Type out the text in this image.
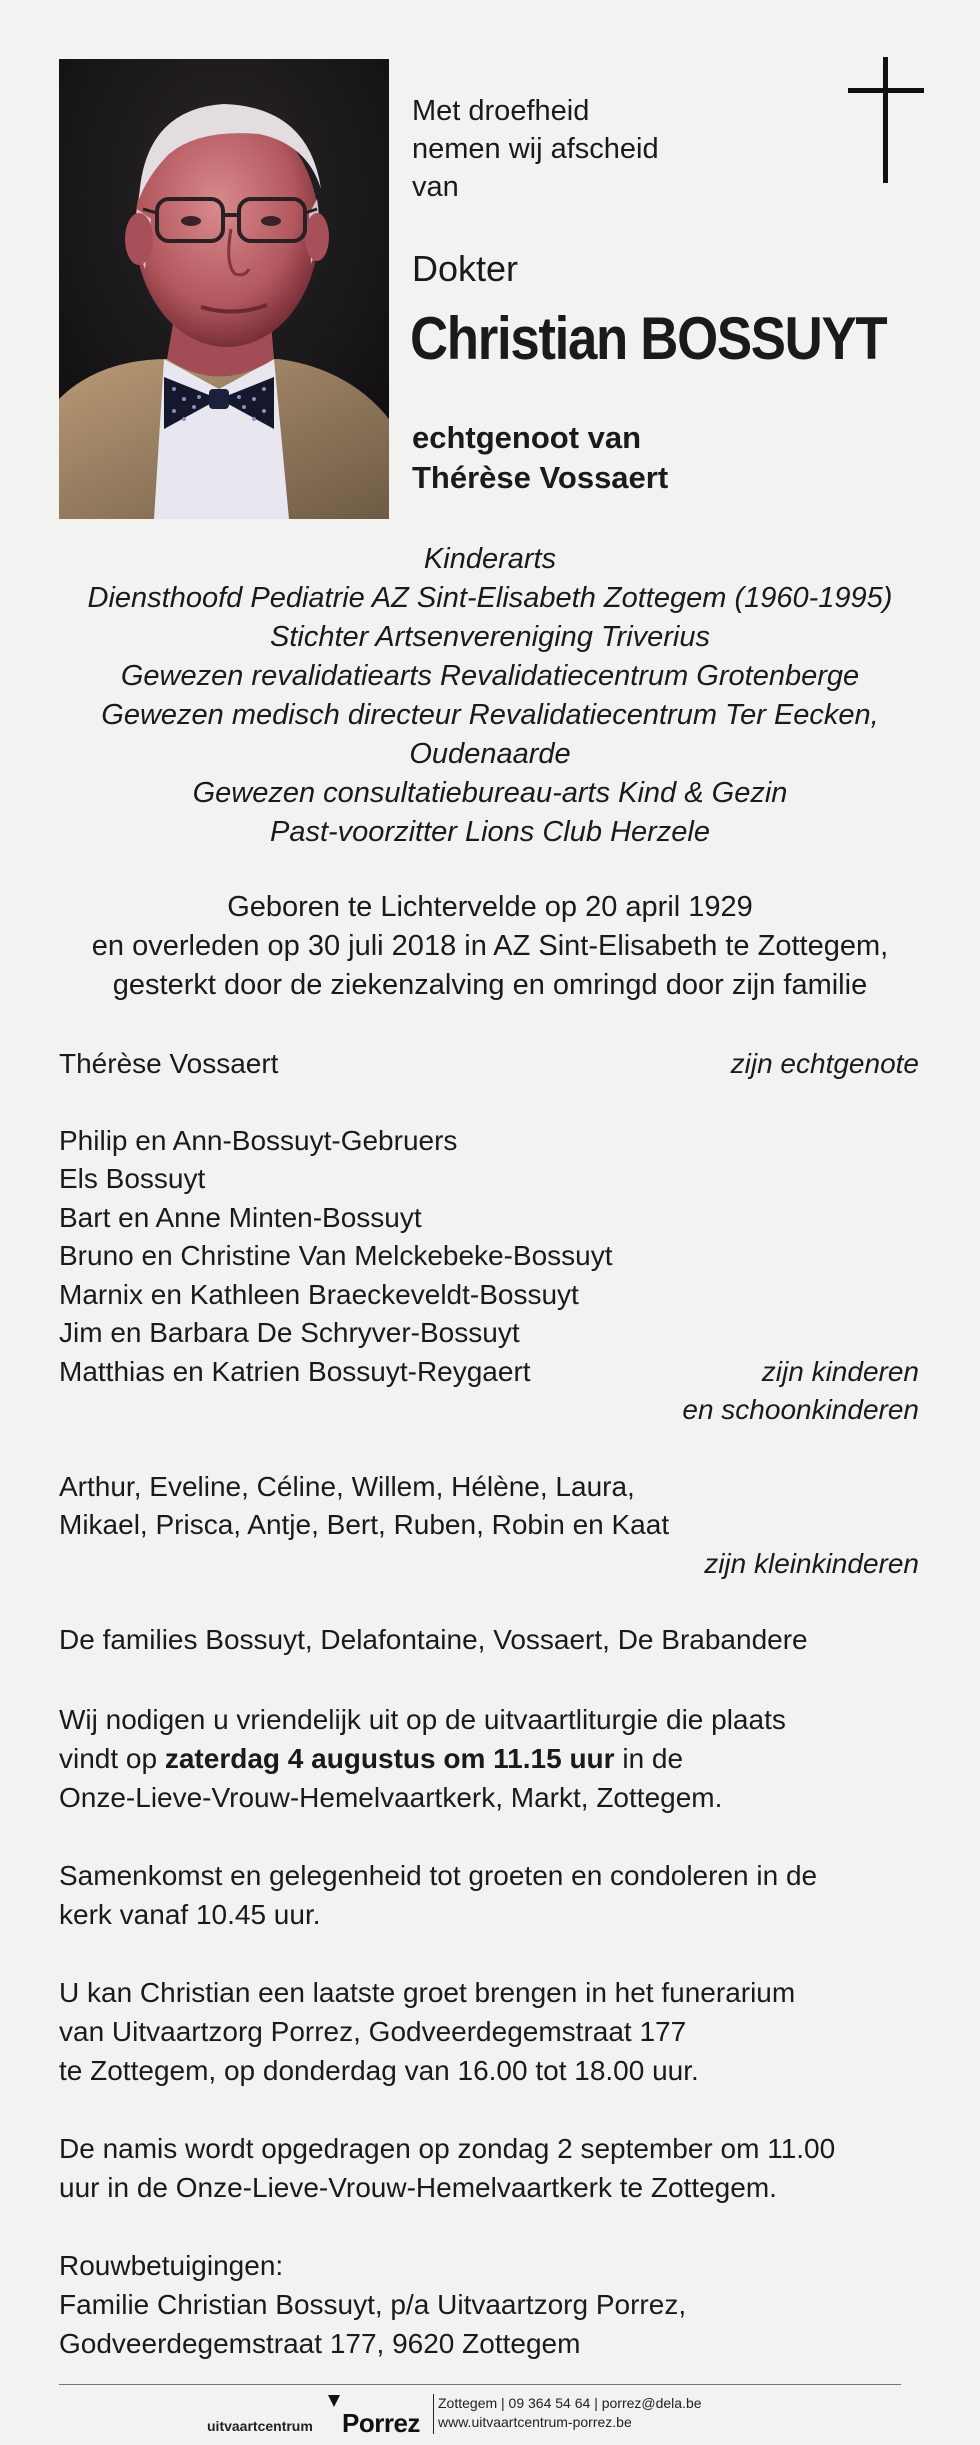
Met droefheid
nemen wij afscheid
van
Dokter
Christian BOSSUYT
echtgenoot van
Thérèse Vossaert
Kinderarts
Diensthoofd Pediatrie AZ Sint-Elisabeth Zottegem (1960-1995)
Stichter Artsenvereniging Triverius
Gewezen revalidatiearts Revalidatiecentrum Grotenberge
Gewezen medisch directeur Revalidatiecentrum Ter Eecken,
Oudenaarde
Gewezen consultatiebureau-arts Kind & Gezin
Past-voorzitter Lions Club Herzele
Geboren te Lichtervelde op 20 april 1929
en overleden op 30 juli 2018 in AZ Sint-Elisabeth te Zottegem,
gesterkt door de ziekenzalving en omringd door zijn familie
Thérèse Vossaert	zijn echtgenote
Philip en Ann-Bossuyt-Gebruers
Els Bossuyt
Bart en Anne Minten-Bossuyt
Bruno en Christine Van Melckebeke-Bossuyt
Marnix en Kathleen Braeckeveldt-Bossuyt
Jim en Barbara De Schryver-Bossuyt
Matthias en Katrien Bossuyt-Reygaert	zijn kinderen
en schoonkinderen
Arthur, Eveline, Céline, Willem, Hélène, Laura,
Mikael, Prisca, Antje, Bert, Ruben, Robin en Kaat
zijn kleinkinderen
De families Bossuyt, Delafontaine, Vossaert, De Brabandere
Wij nodigen u vriendelijk uit op de uitvaartliturgie die plaats
vindt op zaterdag 4 augustus om 11.15 uur in de
Onze-Lieve-Vrouw-Hemelvaartkerk, Markt, Zottegem.
Samenkomst en gelegenheid tot groeten en condoleren in de
kerk vanaf 10.45 uur.
U kan Christian een laatste groet brengen in het funerarium
van Uitvaartzorg Porrez, Godveerdegemstraat 177
te Zottegem, op donderdag van 16.00 tot 18.00 uur.
De namis wordt opgedragen op zondag 2 september om 11.00
uur in de Onze-Lieve-Vrouw-Hemelvaartkerk te Zottegem.
Rouwbetuigingen:
Familie Christian Bossuyt, p/a Uitvaartzorg Porrez,
Godveerdegemstraat 177, 9620 Zottegem
uitvaartcentrum Porrez
Zottegem | 09 364 54 64 | porrez@dela.be
www.uitvaartcentrum-porrez.be
